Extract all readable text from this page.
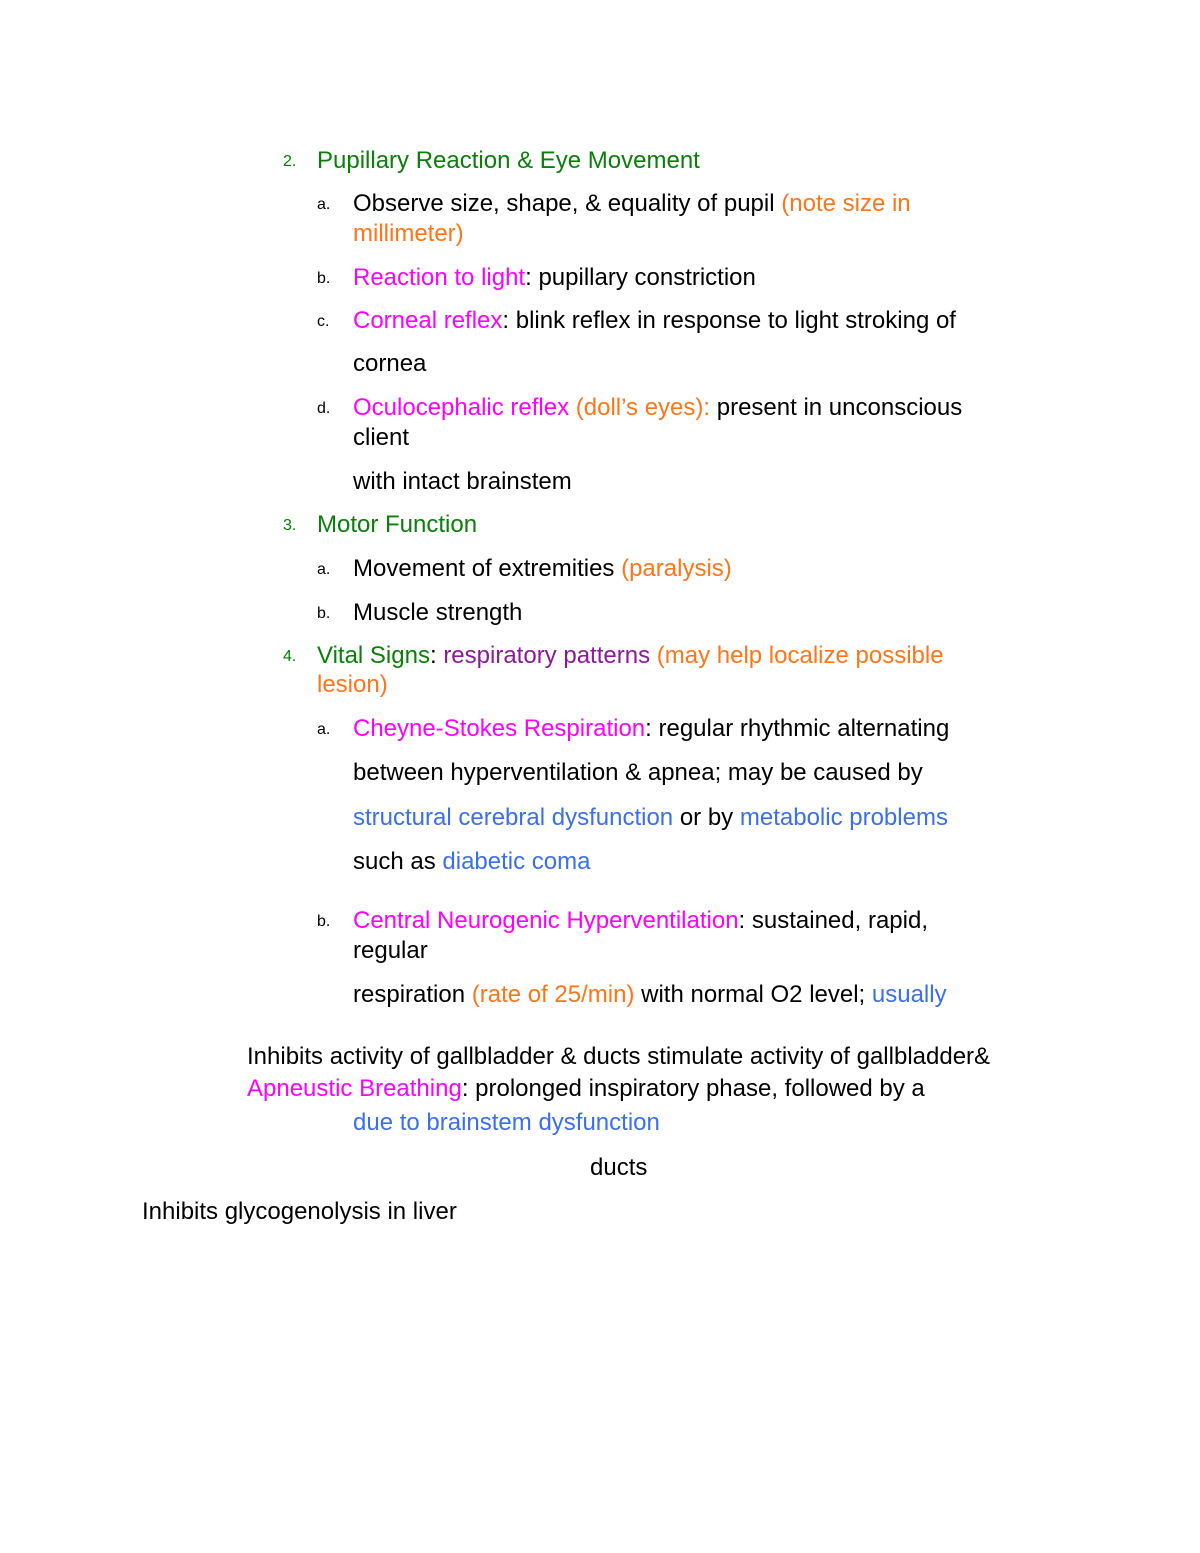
2. Pupillary Reaction & Eye Movement
a. Observe size, shape, & equality of pupil (note size in
millimeter)
b. Reaction to light: pupillary constriction
c. Corneal reflex: blink reflex in response to light stroking of
cornea
d. Oculocephalic reflex (doll’s eyes): present in unconscious
client
with intact brainstem
3. Motor Function
a. Movement of extremities (paralysis)
b. Muscle strength
4. Vital Signs: respiratory patterns (may help localize possible
lesion)
a. Cheyne-Stokes Respiration: regular rhythmic alternating
between hyperventilation & apnea; may be caused by
structural cerebral dysfunction or by metabolic problems
such as diabetic coma
b. Central Neurogenic Hyperventilation: sustained, rapid,
regular
respiration (rate of 25/min) with normal O2 level; usually
Inhibits activity of gallbladder & ducts stimulate activity of gallbladder&
Apneustic Breathing: prolonged inspiratory phase, followed by a
due to brainstem dysfunction
ducts
Inhibits glycogenolysis in liver
